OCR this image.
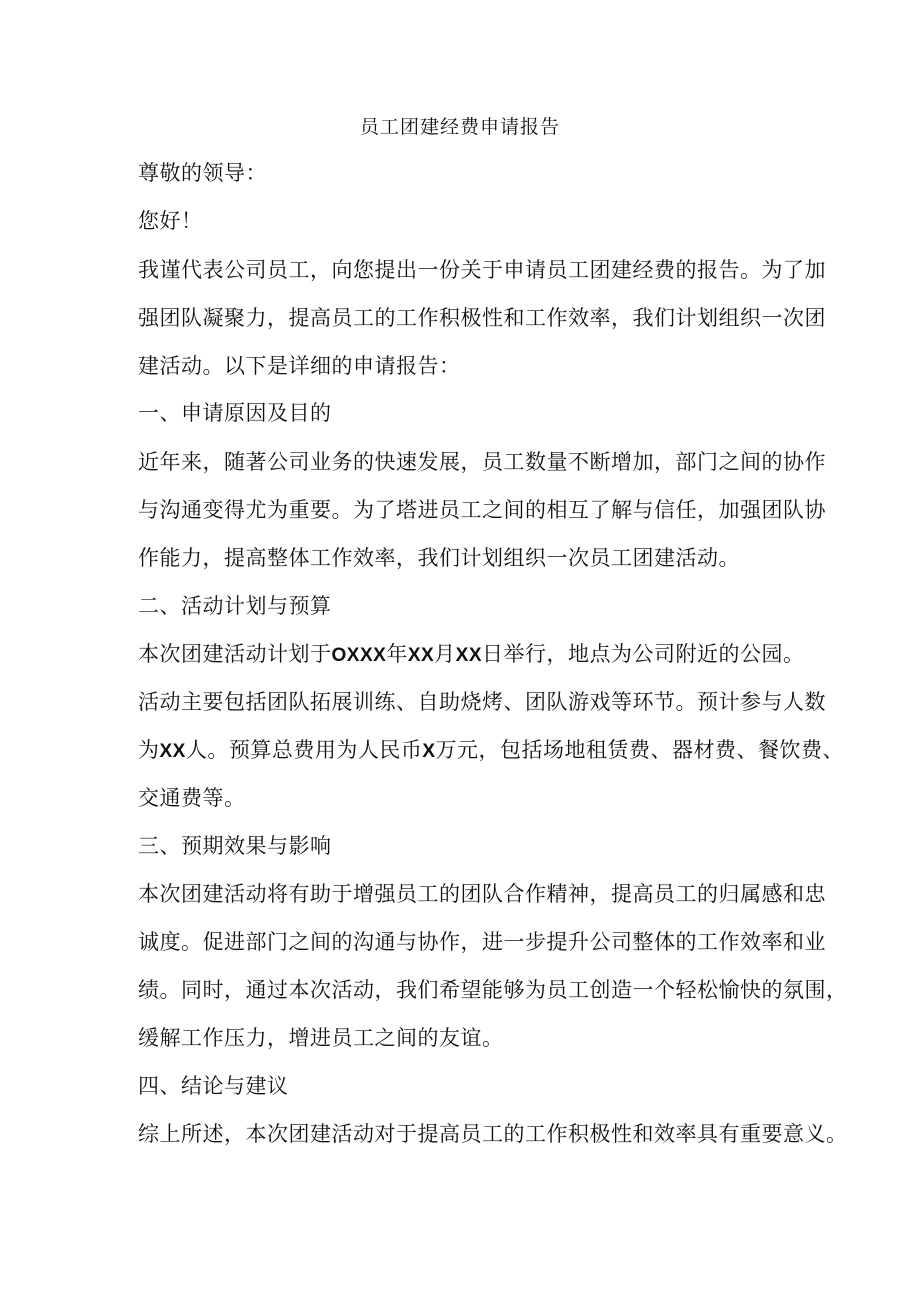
员工团建经费申请报告
尊敬的领导：
您好！
我谨代表公司员工，向您提出一份关于申请员工团建经费的报告。为了加
强团队凝聚力，提高员工的工作积极性和工作效率，我们计划组织一次团
建活动。以下是详细的申请报告：
一、申请原因及目的
近年来，随著公司业务的快速发展，员工数量不断增加，部门之间的协作
与沟通变得尤为重要。为了塔进员工之间的相互了解与信任，加强团队协
作能力，提高整体工作效率，我们计划组织一次员工团建活动。
二、活动计划与预算
本次团建活动计划于OXXX年XX月XX日举行，地点为公司附近的公园。
活动主要包括团队拓展训练、自助烧烤、团队游戏等环节。预计参与人数
为XX人。预算总费用为人民币X万元，包括场地租赁费、器材费、餐饮费、
交通费等。
三、预期效果与影响
本次团建活动将有助于增强员工的团队合作精神，提高员工的归属感和忠
诚度。促进部门之间的沟通与协作，进一步提升公司整体的工作效率和业
绩。同时，通过本次活动，我们希望能够为员工创造一个轻松愉快的氛围，
缓解工作压力，增进员工之间的友谊。
四、结论与建议
综上所述，本次团建活动对于提高员工的工作积极性和效率具有重要意义。
